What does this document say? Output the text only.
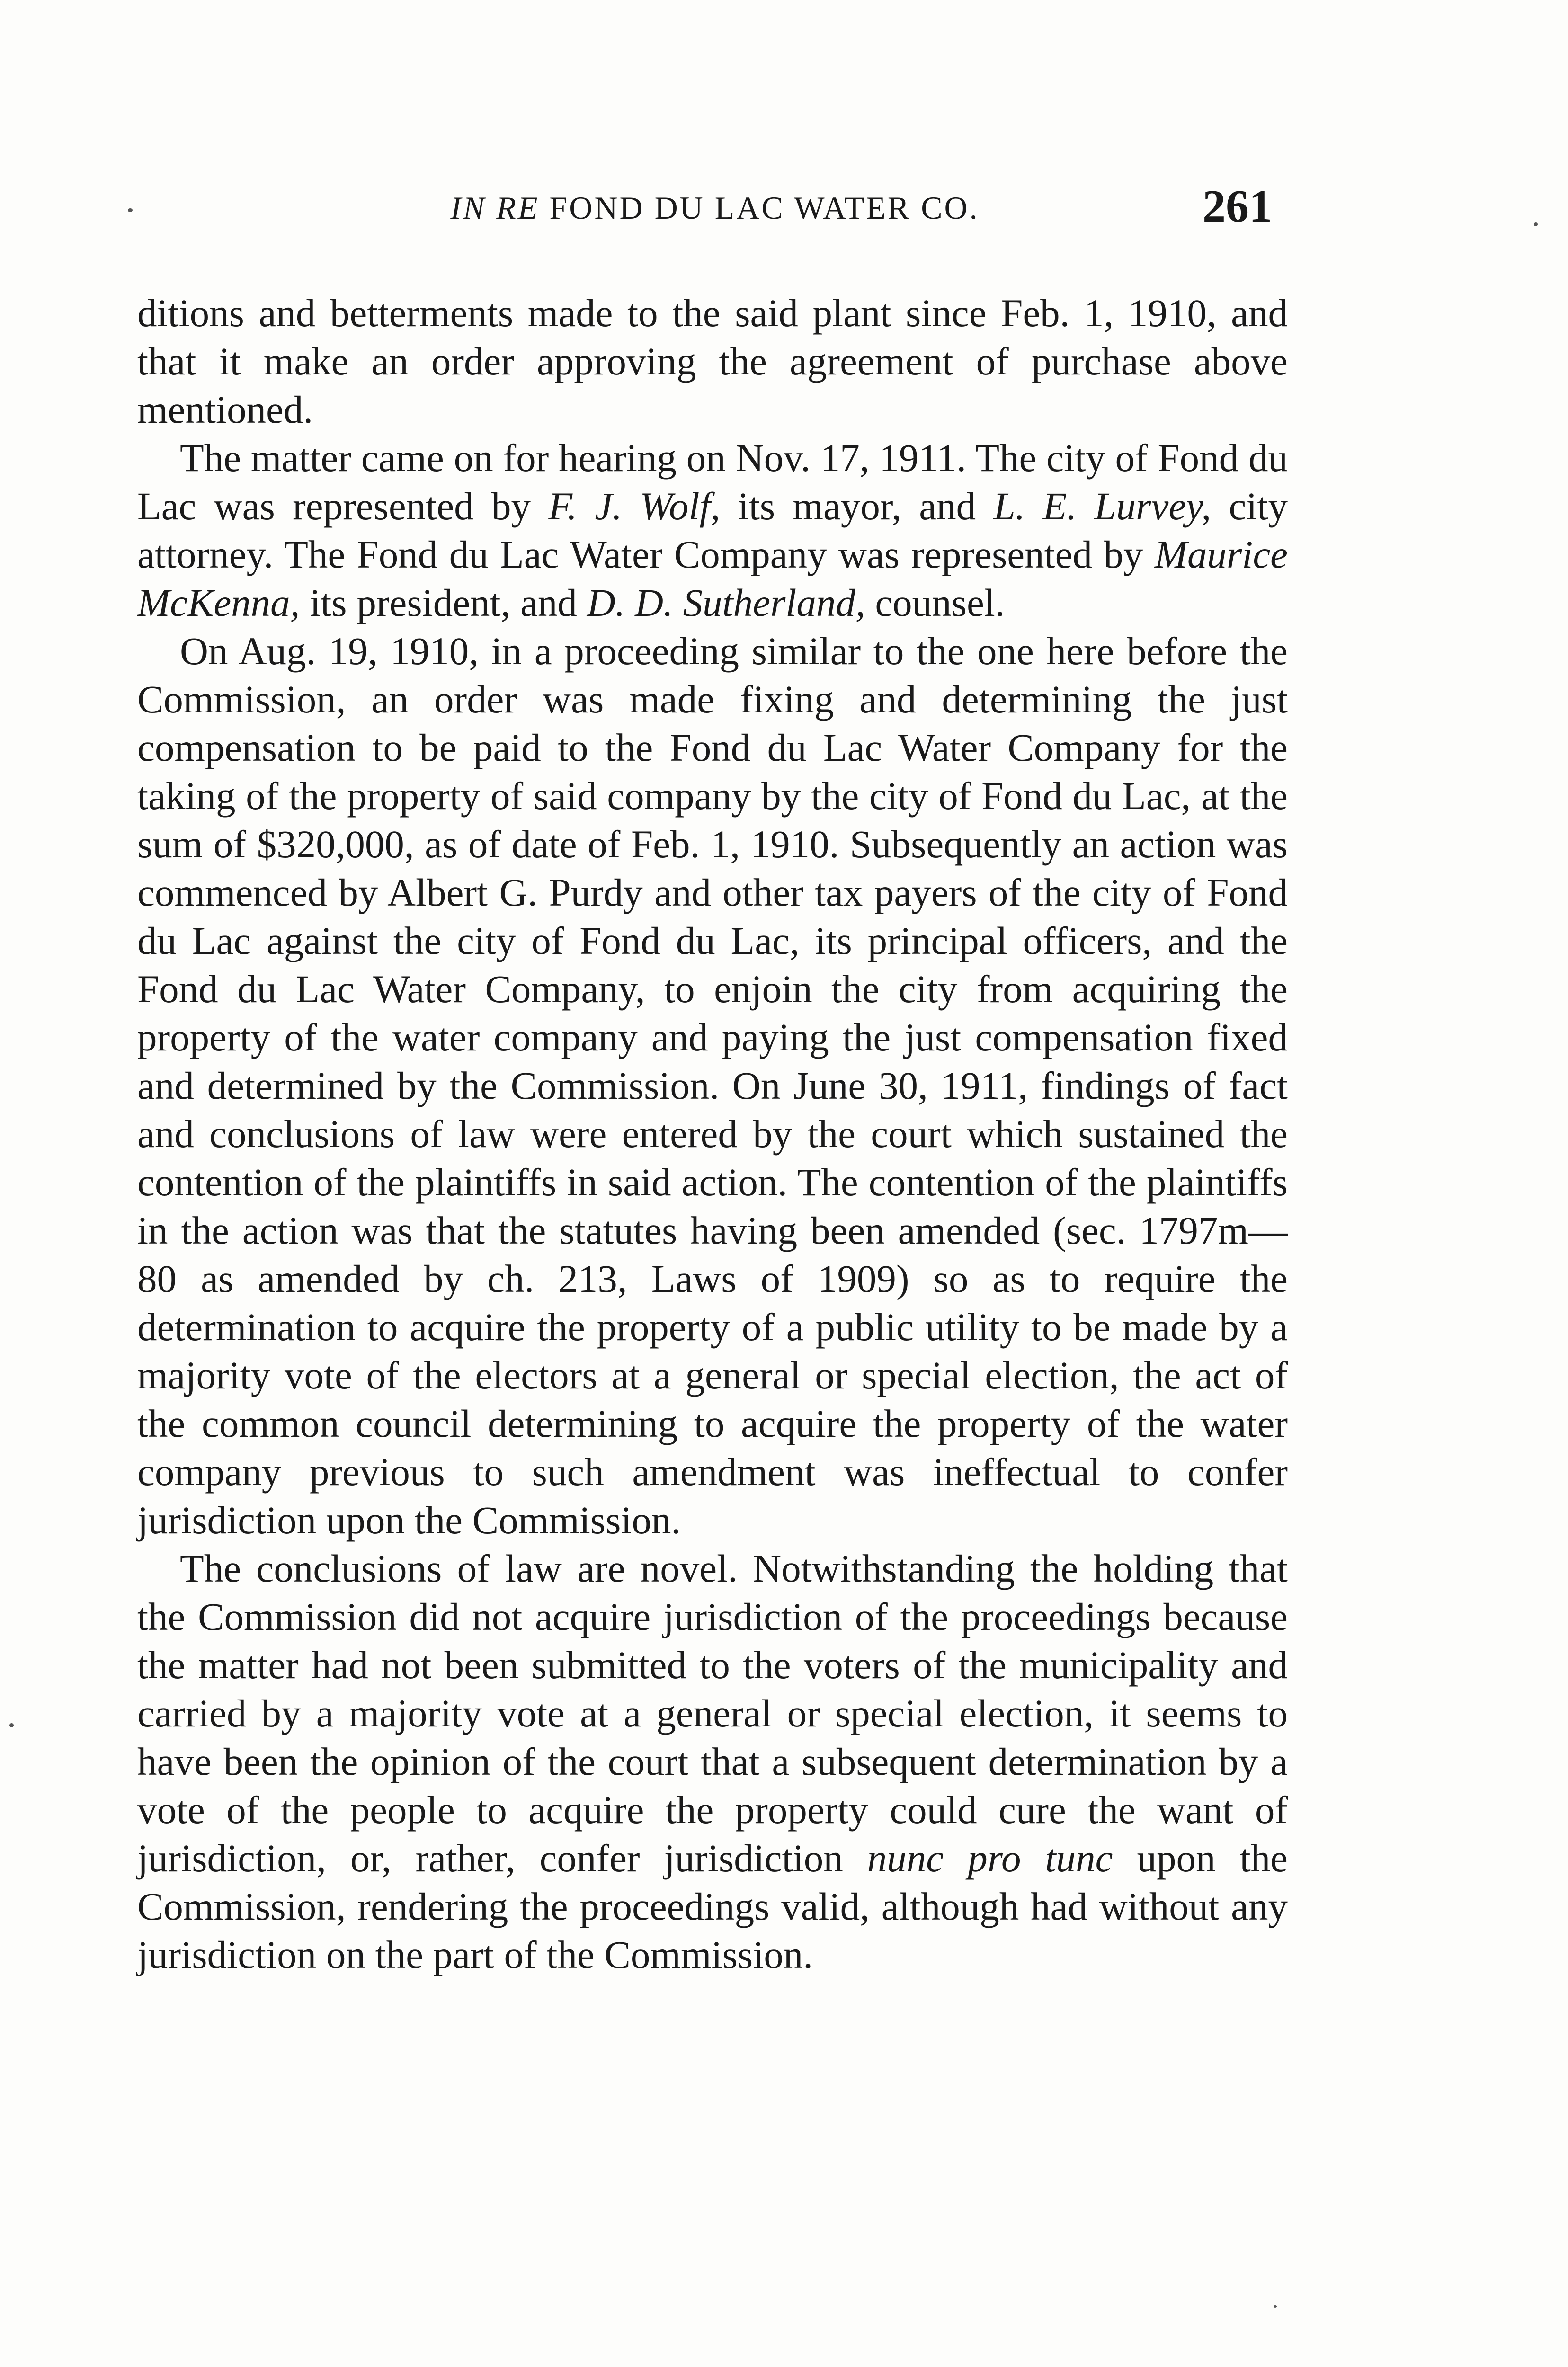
IN RE FOND DU LAC WATER CO.	261

ditions and betterments made to the said plant since Feb. 1, 1910, and that it make an order approving the agreement of purchase above mentioned.

The matter came on for hearing on Nov. 17, 1911. The city of Fond du Lac was represented by F. J. Wolf, its mayor, and L. E. Lurvey, city attorney. The Fond du Lac Water Company was represented by Maurice McKenna, its president, and D. D. Sutherland, counsel.

On Aug. 19, 1910, in a proceeding similar to the one here before the Commission, an order was made fixing and determining the just compensation to be paid to the Fond du Lac Water Company for the taking of the property of said company by the city of Fond du Lac, at the sum of $320,000, as of date of Feb. 1, 1910. Subsequently an action was commenced by Albert G. Purdy and other tax payers of the city of Fond du Lac against the city of Fond du Lac, its principal officers, and the Fond du Lac Water Company, to enjoin the city from acquiring the property of the water company and paying the just compensation fixed and determined by the Commission. On June 30, 1911, findings of fact and conclusions of law were entered by the court which sustained the contention of the plaintiffs in said action. The contention of the plaintiffs in the action was that the statutes having been amended (sec. 1797m—80 as amended by ch. 213, Laws of 1909) so as to require the determination to acquire the property of a public utility to be made by a majority vote of the electors at a general or special election, the act of the common council determining to acquire the property of the water company previous to such amendment was ineffectual to confer jurisdiction upon the Commission.

The conclusions of law are novel. Notwithstanding the holding that the Commission did not acquire jurisdiction of the proceedings because the matter had not been submitted to the voters of the municipality and carried by a majority vote at a general or special election, it seems to have been the opinion of the court that a subsequent determination by a vote of the people to acquire the property could cure the want of jurisdiction, or, rather, confer jurisdiction nunc pro tunc upon the Commission, rendering the proceedings valid, although had without any jurisdiction on the part of the Commission.
